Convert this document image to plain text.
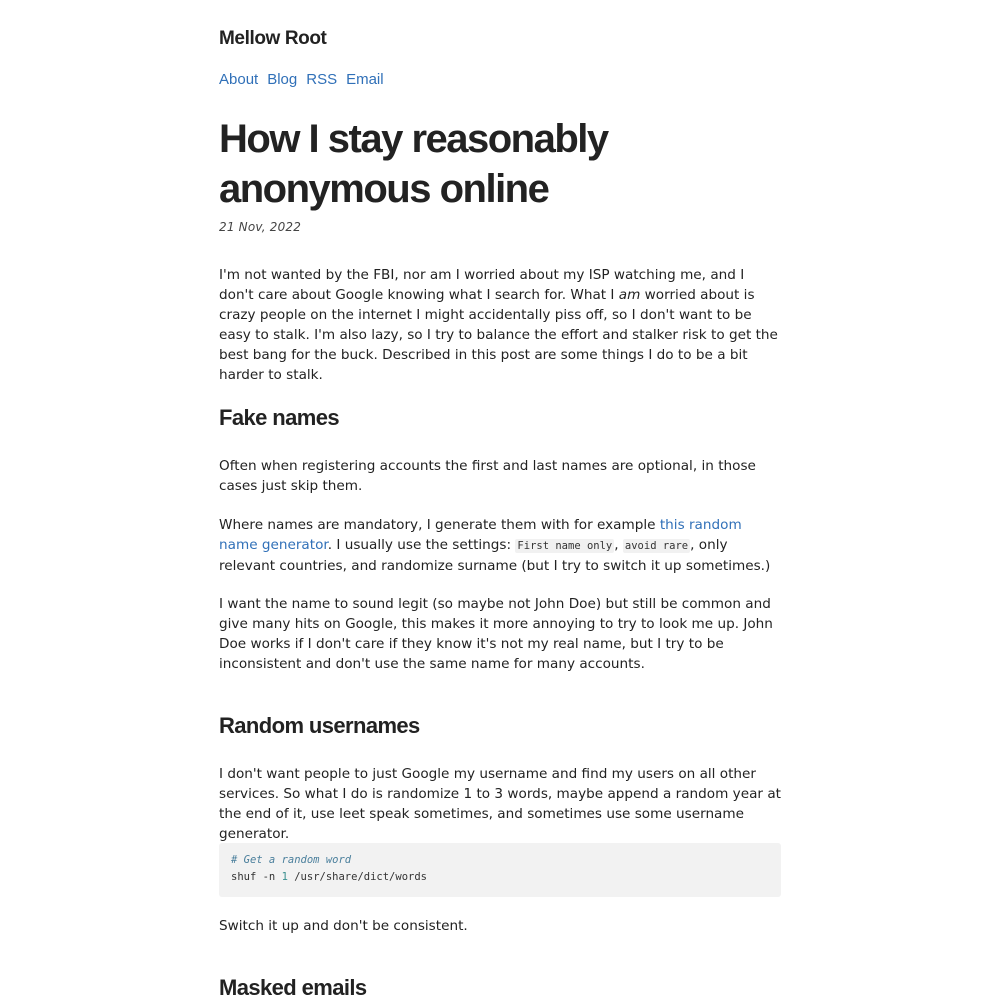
Mellow Root
About Blog RSS Email
How I stay reasonably anonymous online
21 Nov, 2022

I'm not wanted by the FBI, nor am I worried about my ISP watching me, and I don't care about Google knowing what I search for. What I am worried about is crazy people on the internet I might accidentally piss off, so I don't want to be easy to stalk. I'm also lazy, so I try to balance the effort and stalker risk to get the best bang for the buck. Described in this post are some things I do to be a bit harder to stalk.

Fake names

Often when registering accounts the first and last names are optional, in those cases just skip them.

Where names are mandatory, I generate them with for example this random name generator. I usually use the settings: First name only , avoid rare , only relevant countries, and randomize surname (but I try to switch it up sometimes.)

I want the name to sound legit (so maybe not John Doe) but still be common and give many hits on Google, this makes it more annoying to try to look me up. John Doe works if I don't care if they know it's not my real name, but I try to be inconsistent and don't use the same name for many accounts.

Random usernames

I don't want people to just Google my username and find my users on all other services. So what I do is randomize 1 to 3 words, maybe append a random year at the end of it, use leet speak sometimes, and sometimes use some username generator.

# Get a random word
shuf -n 1 /usr/share/dict/words

Switch it up and don't be consistent.

Masked emails
